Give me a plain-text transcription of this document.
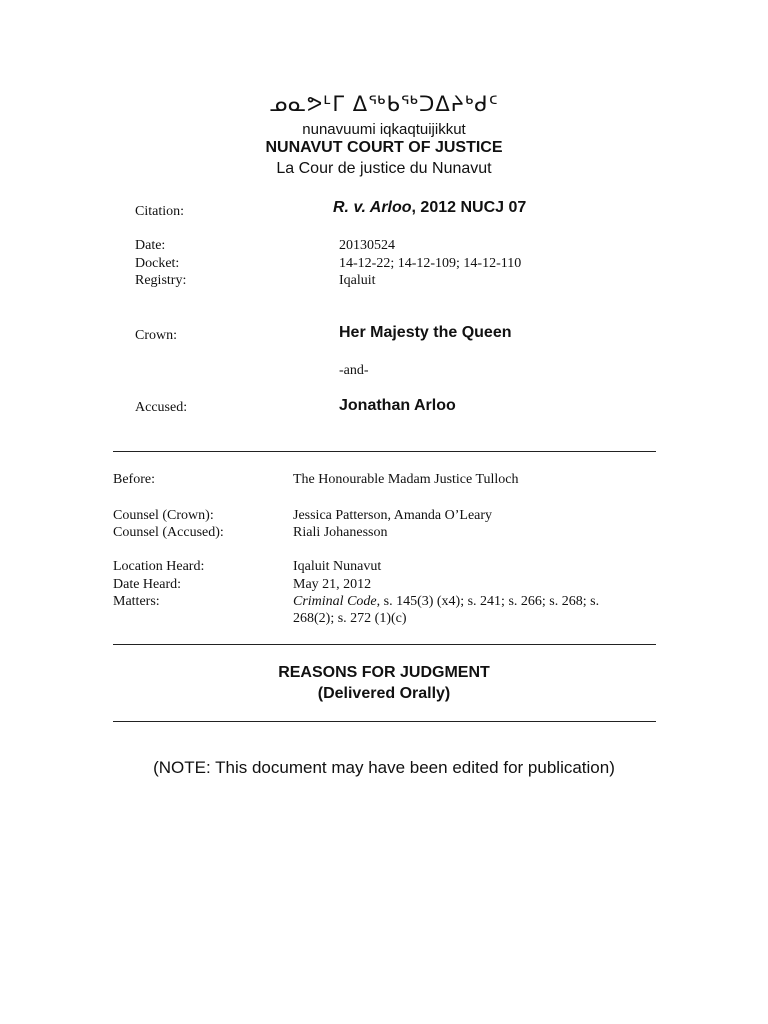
ᓄᓇᕗᒻᒥ ᐃᖅᑲᖅᑐᐃᔨᒃᑯᑦ
nunavuumi iqkaqtuijikkut
NUNAVUT COURT OF JUSTICE
La Cour de justice du Nunavut
Citation:	R. v. Arloo, 2012 NUCJ 07
Date:	20130524
Docket:	14-12-22; 14-12-109; 14-12-110
Registry:	Iqaluit
Crown:	Her Majesty the Queen
-and-
Accused:	Jonathan Arloo
Before:	The Honourable Madam Justice Tulloch
Counsel (Crown):	Jessica Patterson, Amanda O’Leary
Counsel (Accused):	Riali Johanesson
Location Heard:	Iqaluit Nunavut
Date Heard:	May 21, 2012
Matters:	Criminal Code, s. 145(3) (x4); s. 241; s. 266; s. 268; s. 268(2); s. 272 (1)(c)
REASONS FOR JUDGMENT
(Delivered Orally)
(NOTE: This document may have been edited for publication)
